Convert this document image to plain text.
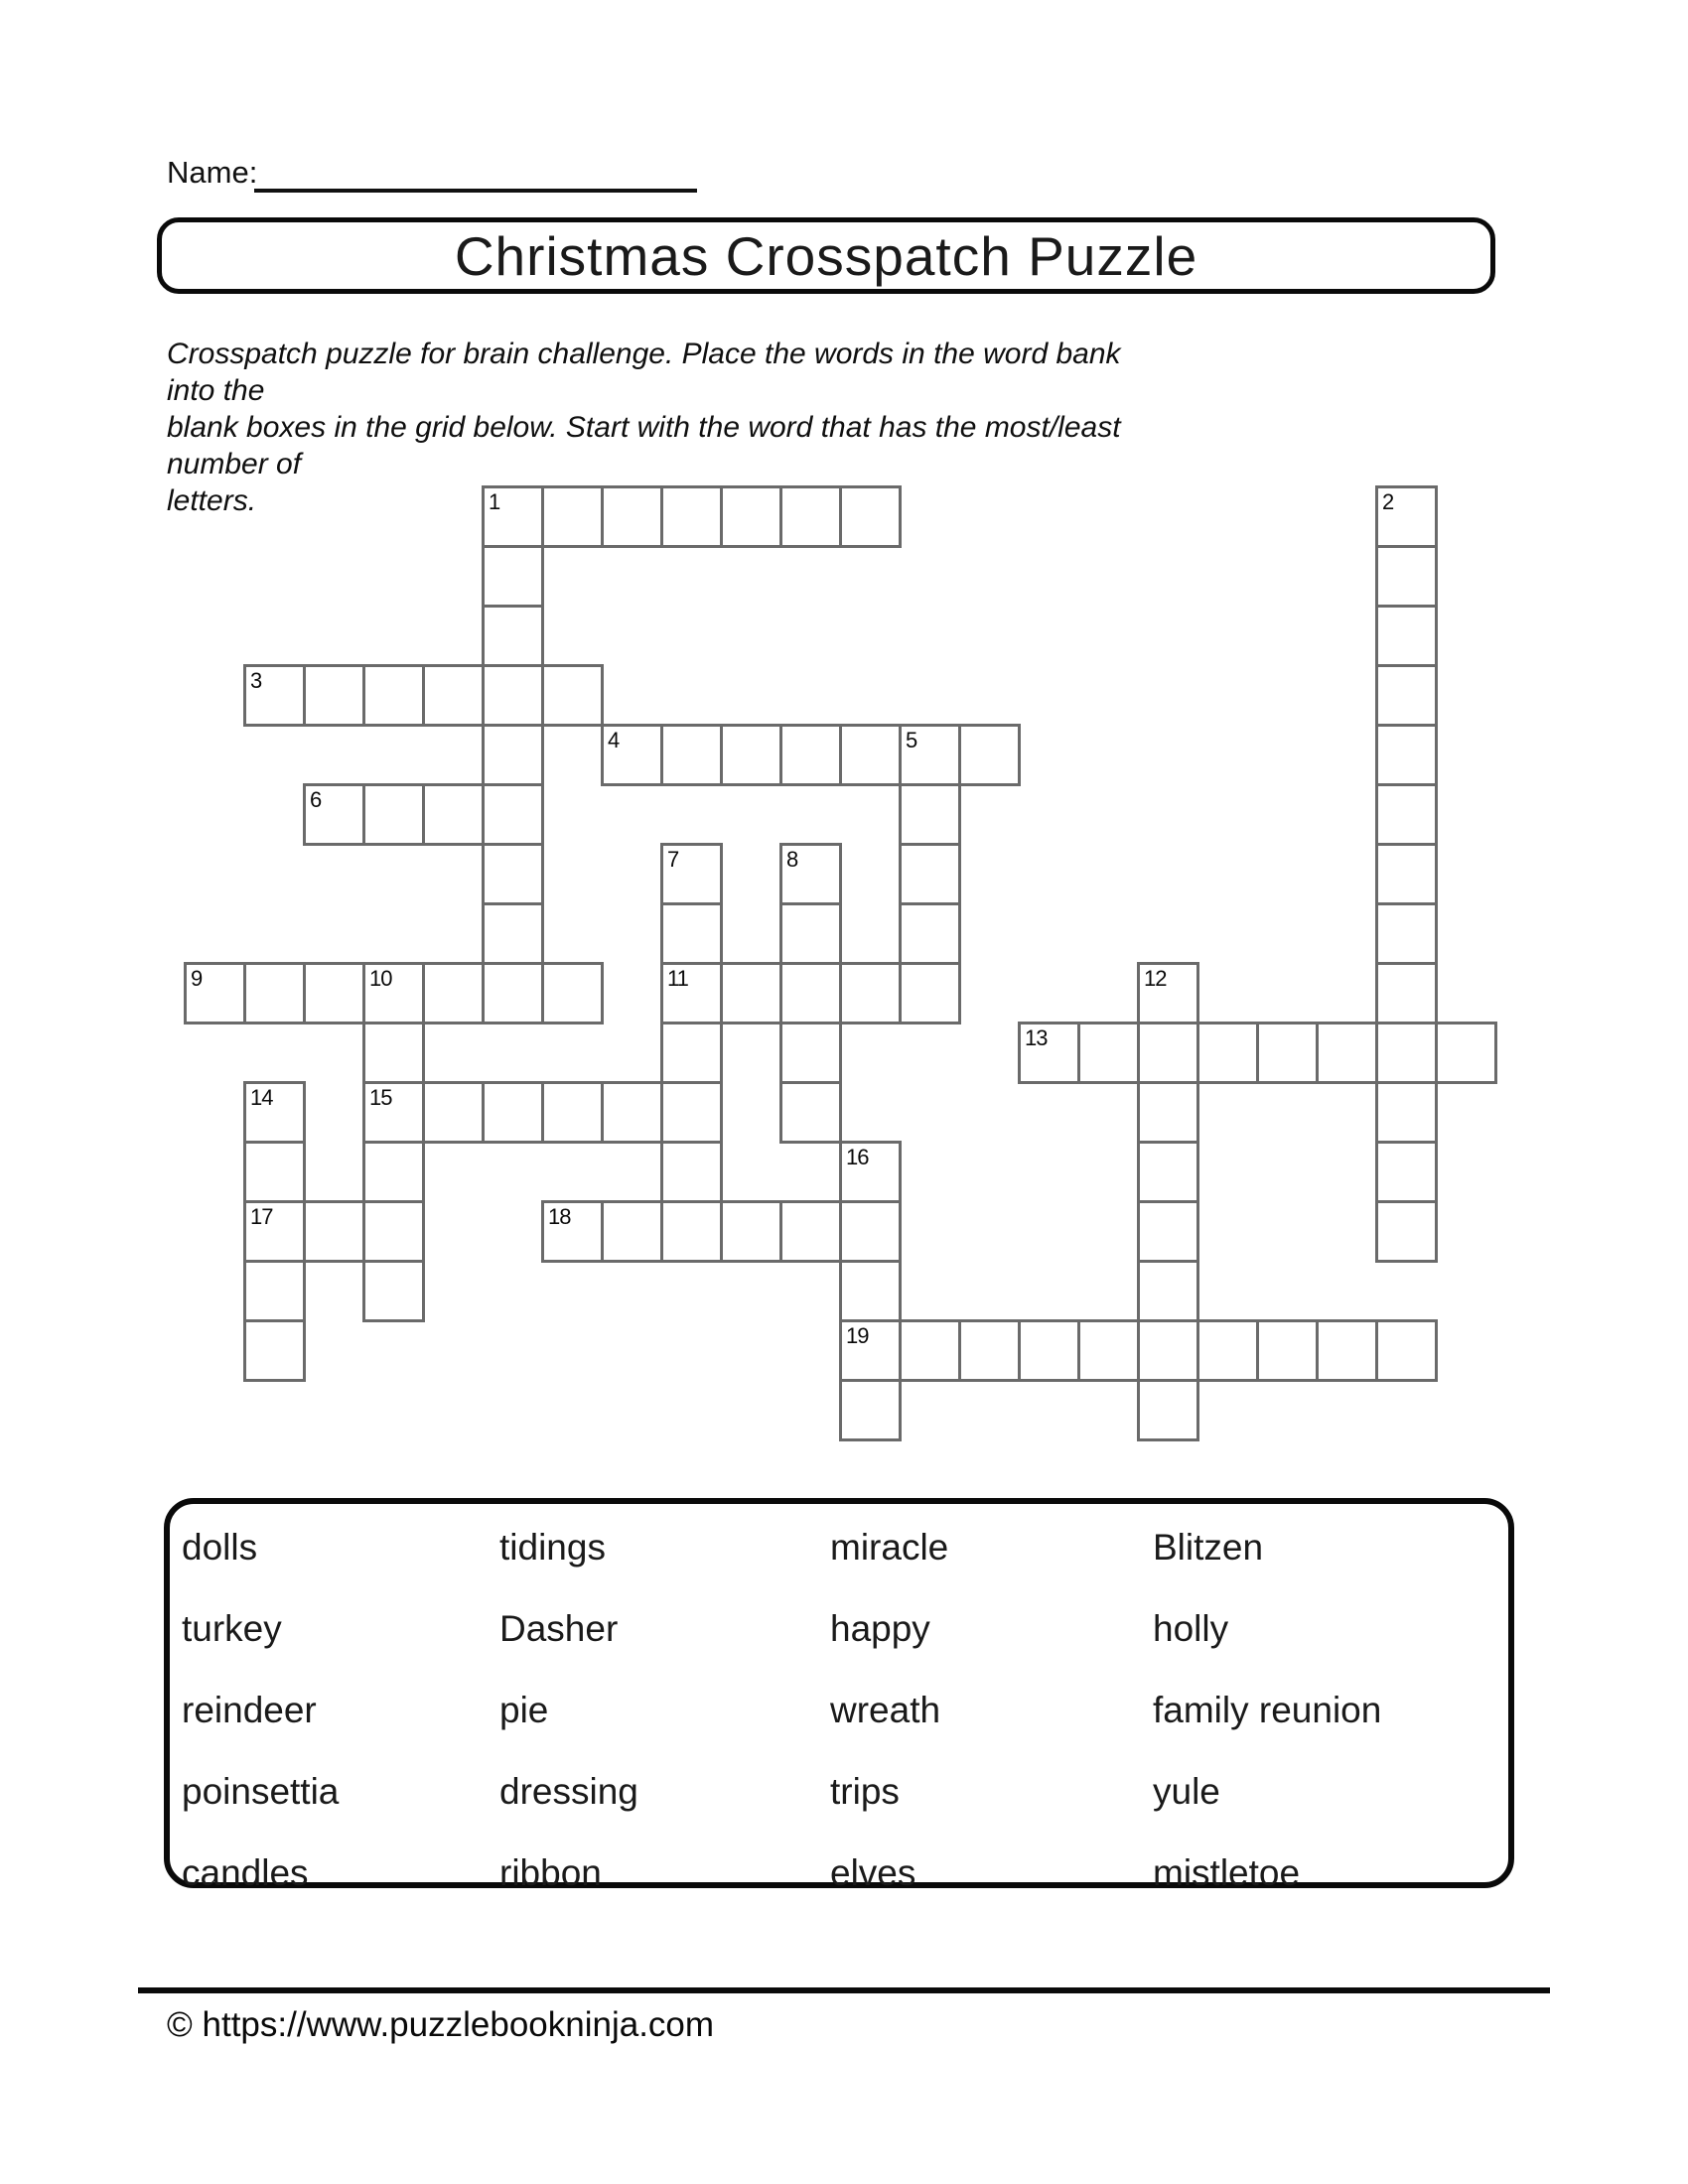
Name:
Christmas Crosspatch Puzzle
Crosspatch puzzle for brain challenge. Place the words in the word bank into the
blank boxes in the grid below. Start with the word that has the most/least number of
letters.	1	2
3
4	5
6
7	8
9	10	11	12
13
14	15
16
17	18
19
dolls
turkey
reindeer
poinsettia
candles
tidings
Dasher
pie
dressing
ribbon
miracle
happy
wreath
trips
elves
Blitzen
holly
family reunion
yule
mistletoe
© https://www.puzzlebookninja.com
